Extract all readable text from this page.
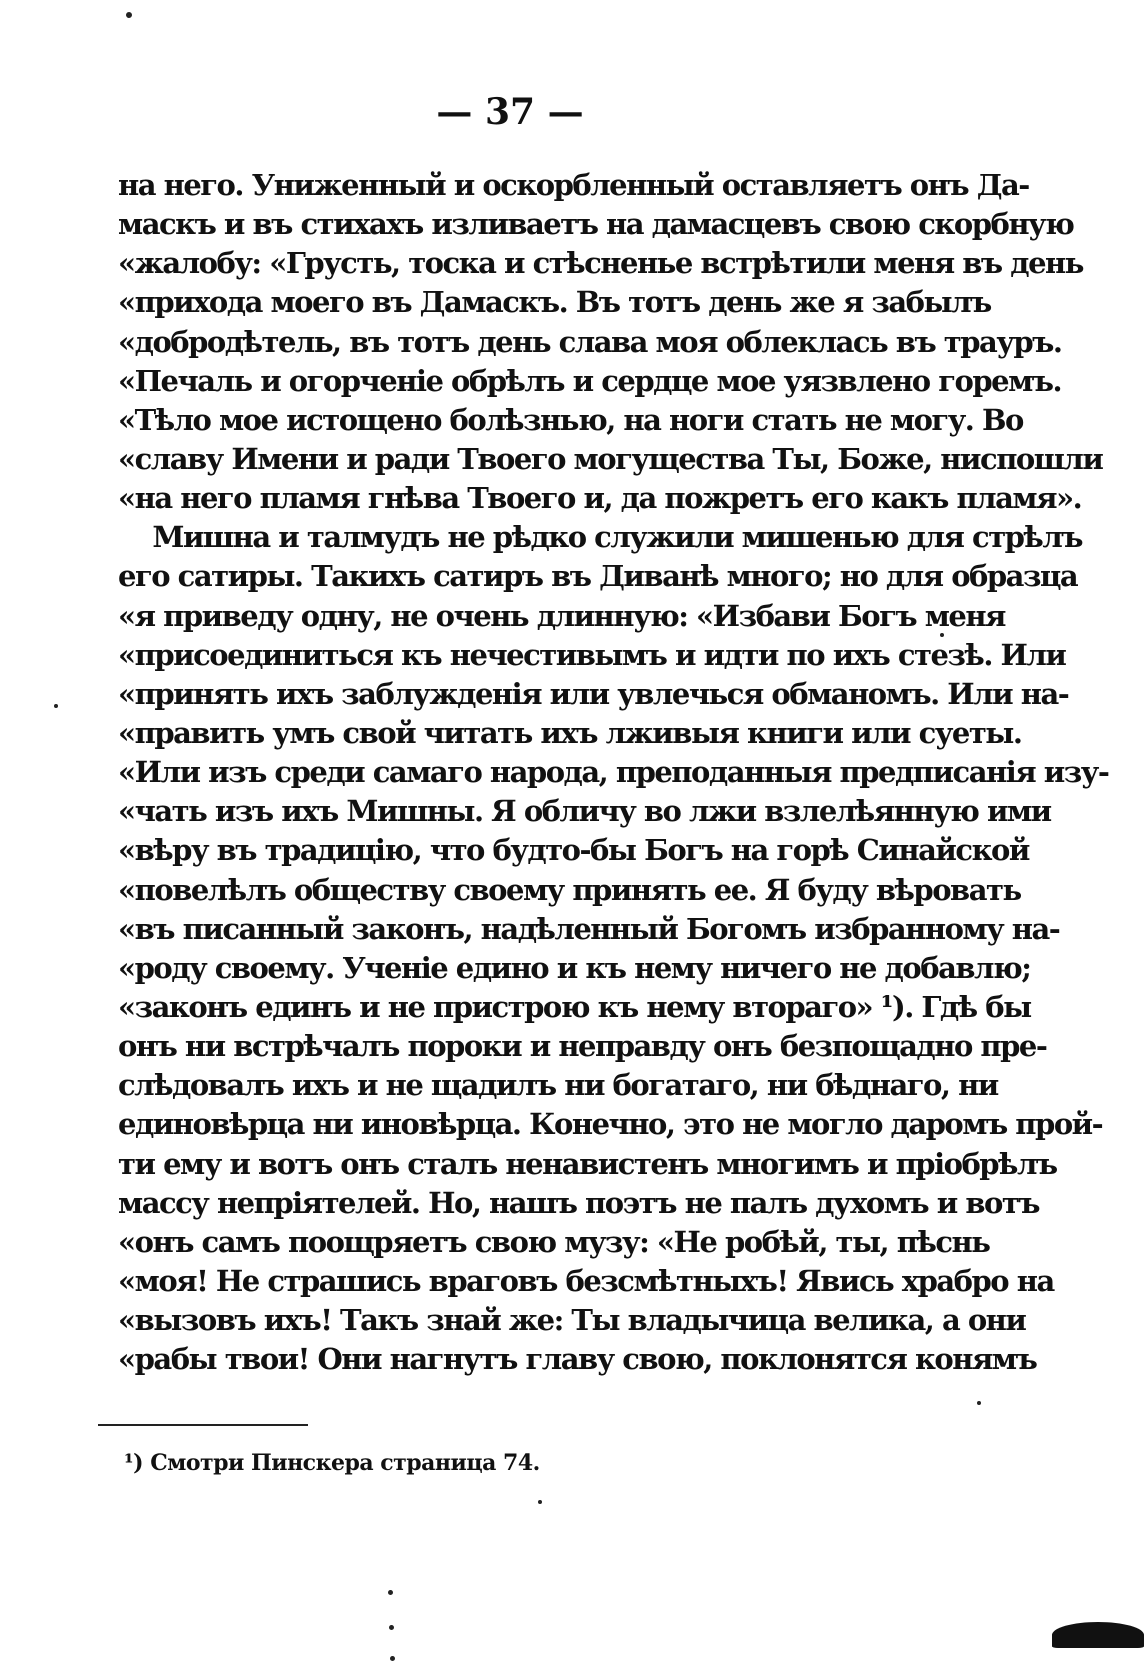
— 37 —
на него. Униженный и оскорбленный оставляетъ онъ Да-
маскъ и въ стихахъ изливаетъ на дамасцевъ свою скорбную
«жалобу: «Грусть, тоска и стѣсненье встрѣтили меня въ день
«прихода моего въ Дамаскъ. Въ тотъ день же я забылъ
«добродѣтель, въ тотъ день слава моя облеклась въ трауръ.
«Печаль и огорченіе обрѣлъ и сердце мое уязвлено горемъ.
«Тѣло мое истощено болѣзнью, на ноги стать не могу. Во
«славу Имени и ради Твоего могущества Ты, Боже, ниспошли
«на него пламя гнѣва Твоего и, да пожретъ его какъ пламя».
Мишна и талмудъ не рѣдко служили мишенью для стрѣлъ
его сатиры. Такихъ сатиръ въ Диванѣ много; но для образца
«я приведу одну, не очень длинную: «Избави Богъ меня
«присоединиться къ нечестивымъ и идти по ихъ стезѣ. Или
«принять ихъ заблужденія или увлечься обманомъ. Или на-
«править умъ свой читать ихъ лживыя книги или суеты.
«Или изъ среди самаго народа, преподанныя предписанія изу-
«чать изъ ихъ Мишны. Я обличу во лжи взлелѣянную ими
«вѣру въ традицію, что будто-бы Богъ на горѣ Синайской
«повелѣлъ обществу своему принять ее. Я буду вѣровать
«въ писанный законъ, надѣленный Богомъ избранному на-
«роду своему. Ученіе едино и къ нему ничего не добавлю;
«законъ единъ и не пристрою къ нему втораго» ¹). Гдѣ бы
онъ ни встрѣчалъ пороки и неправду онъ безпощадно пре-
слѣдовалъ ихъ и не щадилъ ни богатаго, ни бѣднаго, ни
единовѣрца ни иновѣрца. Конечно, это не могло даромъ прой-
ти ему и вотъ онъ сталъ ненавистенъ многимъ и пріобрѣлъ
массу непріятелей. Но, нашъ поэтъ не палъ духомъ и вотъ
«онъ самъ поощряетъ свою музу: «Не робѣй, ты, пѣснь
«моя! Не страшись враговъ безсмѣтныхъ! Явись храбро на
«вызовъ ихъ! Такъ знай же: Ты владычица велика, а они
«рабы твои! Они нагнутъ главу свою, поклонятся конямъ
¹) Смотри Пинскера страница 74.
